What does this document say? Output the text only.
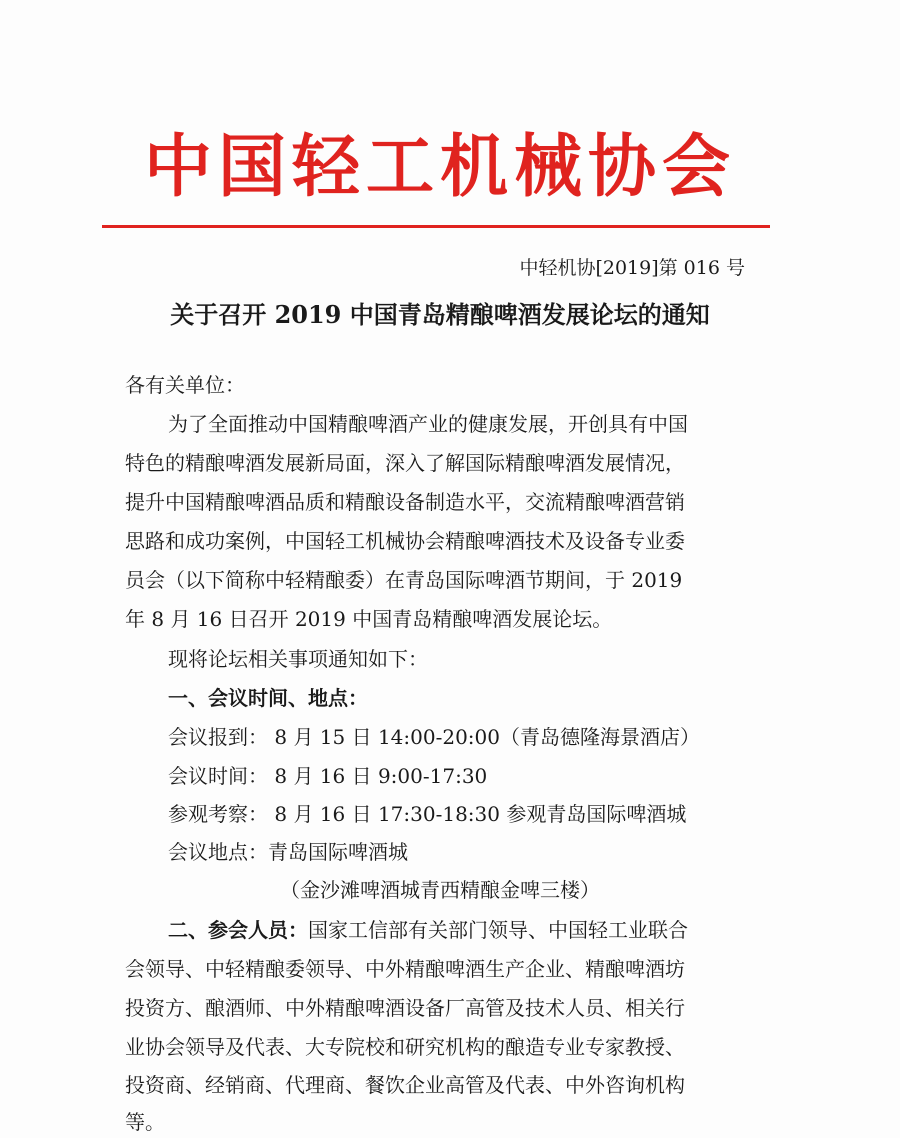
中国轻工机械协会
中轻机协[2019]第 016 号
关于召开 2019 中国青岛精酿啤酒发展论坛的通知
各有关单位：
为了全面推动中国精酿啤酒产业的健康发展，开创具有中国
特色的精酿啤酒发展新局面，深入了解国际精酿啤酒发展情况，
提升中国精酿啤酒品质和精酿设备制造水平，交流精酿啤酒营销
思路和成功案例，中国轻工机械协会精酿啤酒技术及设备专业委
员会（以下简称中轻精酿委）在青岛国际啤酒节期间，于 2019
年 8 月 16 日召开 2019 中国青岛精酿啤酒发展论坛。
现将论坛相关事项通知如下：
一、会议时间、地点：
会议报到： 8 月 15 日 14:00-20:00（青岛德隆海景酒店）
会议时间： 8 月 16 日 9:00-17:30
参观考察： 8 月 16 日 17:30-18:30 参观青岛国际啤酒城
会议地点：青岛国际啤酒城
（金沙滩啤酒城青西精酿金啤三楼）
二、参会人员：国家工信部有关部门领导、中国轻工业联合
会领导、中轻精酿委领导、中外精酿啤酒生产企业、精酿啤酒坊
投资方、酿酒师、中外精酿啤酒设备厂高管及技术人员、相关行
业协会领导及代表、大专院校和研究机构的酿造专业专家教授、
投资商、经销商、代理商、餐饮企业高管及代表、中外咨询机构
等。
